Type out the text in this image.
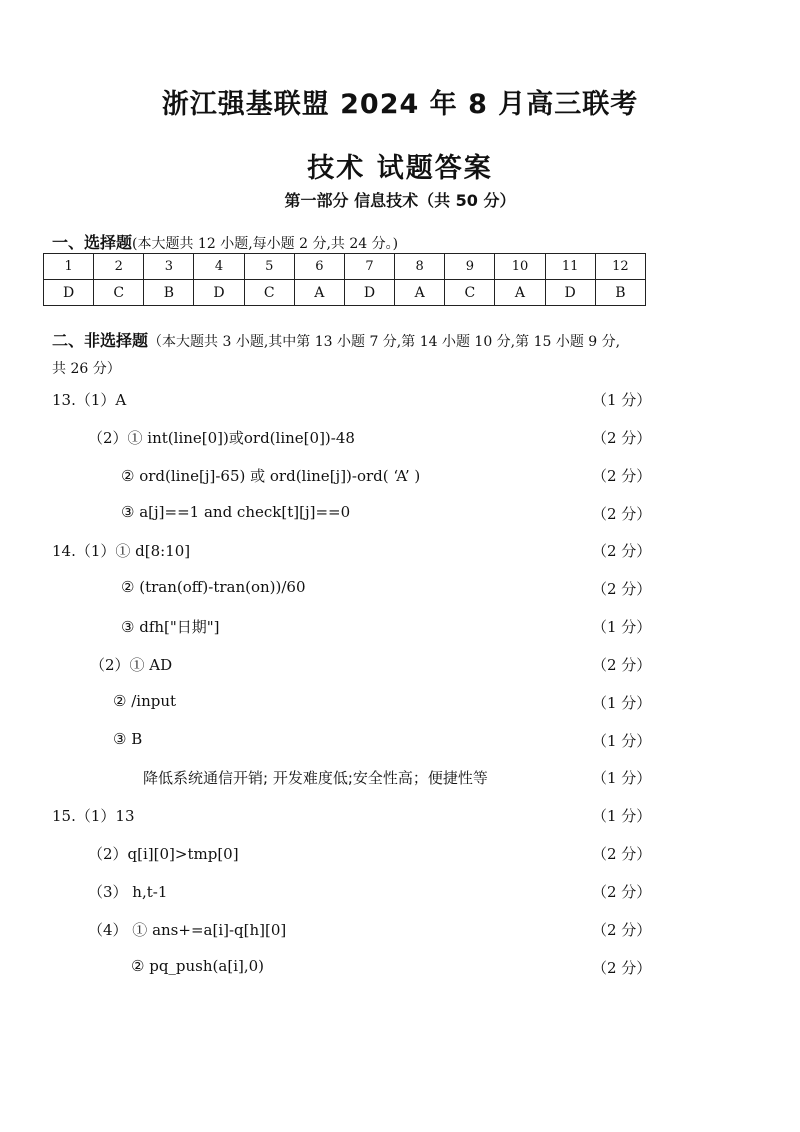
浙江强基联盟 2024 年 8 月高三联考
技术 试题答案
第一部分 信息技术（共 50 分）
一、选择题(本大题共 12 小题,每小题 2 分,共 24 分。)
1	2	3	4	5	6	7	8	9	10	11	12
D	C	B	D	C	A	D	A	C	A	D	B
二、非选择题（本大题共 3 小题,其中第 13 小题 7 分,第 14 小题 10 分,第 15 小题 9 分,
共 26 分）
13.（1）A	（1 分）
（2）① int(line[0])或ord(line[0])-48	（2 分）
② ord(line[j]-65) 或 ord(line[j])-ord( ‘A’ )	（2 分）
③ a[j]==1 and check[t][j]==0	（2 分）
14.（1）① d[8:10]	（2 分）
② (tran(off)-tran(on))/60	（2 分）
③ dfh["日期"]	（1 分）
（2）① AD	（2 分）
② /input	（1 分）
③ B	（1 分）
降低系统通信开销; 开发难度低;安全性高；便捷性等	（1 分）
15.（1）13	（1 分）
（2）q[i][0]>tmp[0]	（2 分）
（3） h,t-1	（2 分）
（4） ① ans+=a[i]-q[h][0]	（2 分）
② pq_push(a[i],0)	（2 分）
